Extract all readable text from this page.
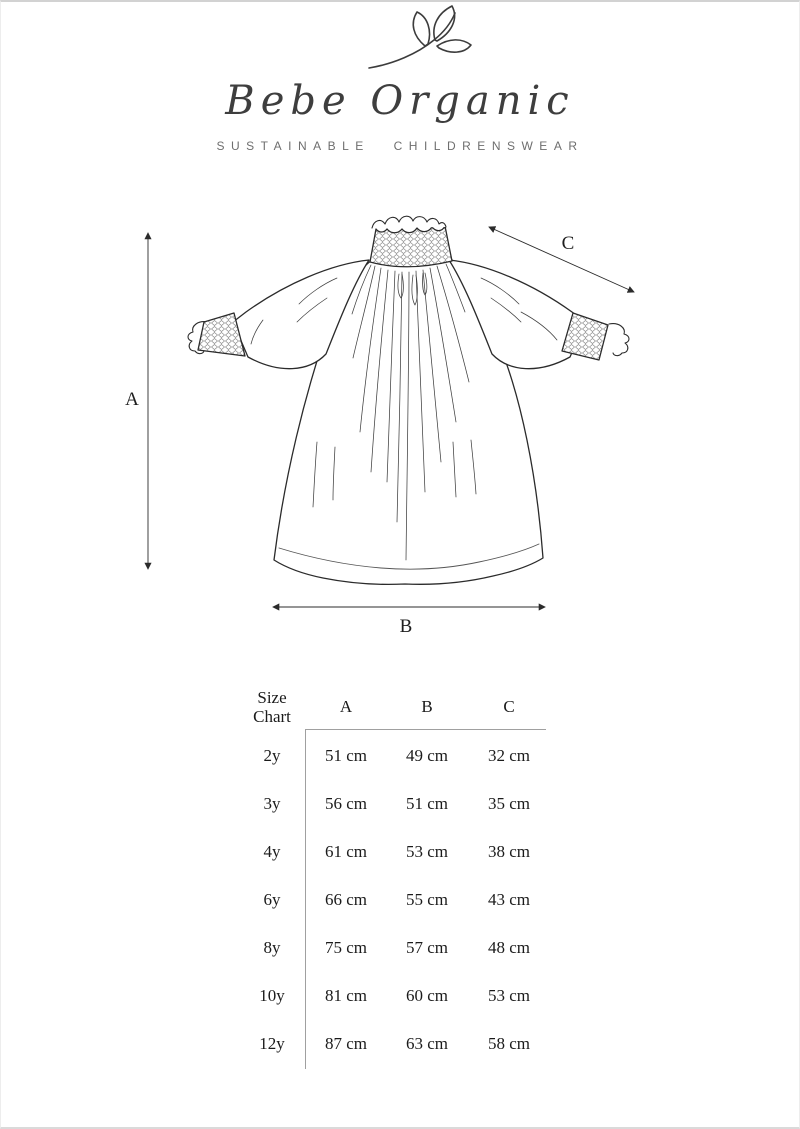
Bebe Organic
SUSTAINABLE CHILDRENSWEAR
A
B
C
Size Chart	A	B	C
2y	51 cm	49 cm	32 cm
3y	56 cm	51 cm	35 cm
4y	61 cm	53 cm	38 cm
6y	66 cm	55 cm	43 cm
8y	75 cm	57 cm	48 cm
10y	81 cm	60 cm	53 cm
12y	87 cm	63 cm	58 cm
